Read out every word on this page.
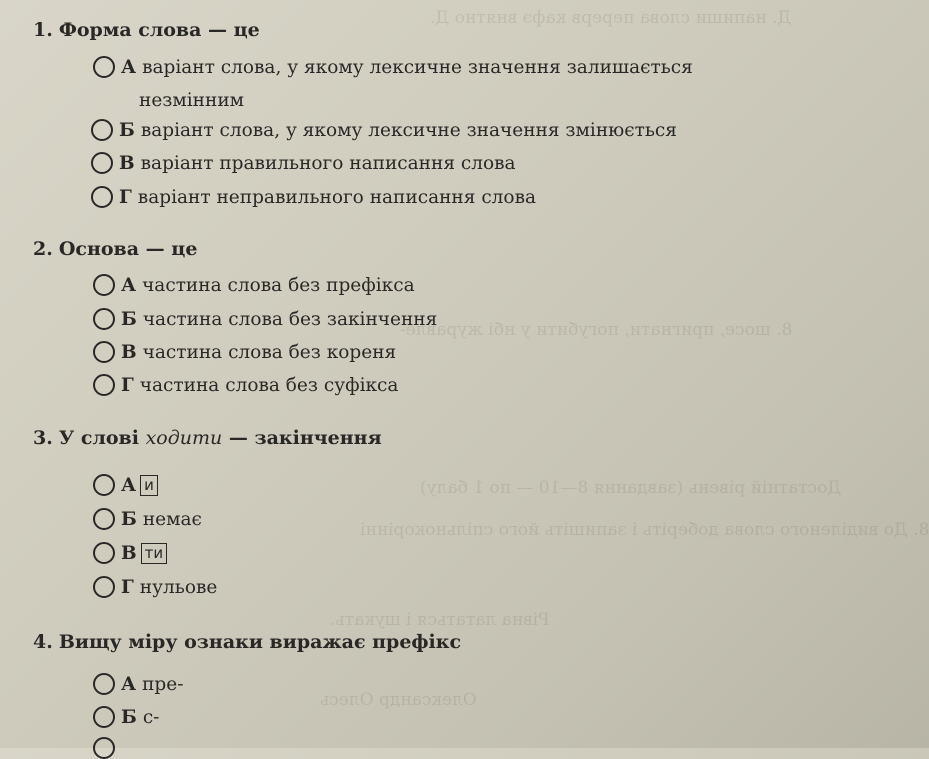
Д. напиши слова перерв кафэ внятно Д.
8. шосе, пригнати, погубити у нбі журавле-
Достатній рівень (завдання 8—10 — по 1 балу)
8. До виділеного слова доберіть і запишіть його спільнокорінні
Рівна лататься і шукать.
Олександр Олесь
1. Форма слова — це
А варіант слова, у якому лексичне значення залишається
незмінним
Б варіант слова, у якому лексичне значення змінюється
В варіант правильного написання слова
Г варіант неправильного написання слова
2. Основа — це
А частина слова без префікса
Б частина слова без закінчення
В частина слова без кореня
Г частина слова без суфікса
3. У слові ходити — закінчення
А и
Б немає
В ти
Г нульове
4. Вищу міру ознаки виражає префікс
А пре-
Б с-
